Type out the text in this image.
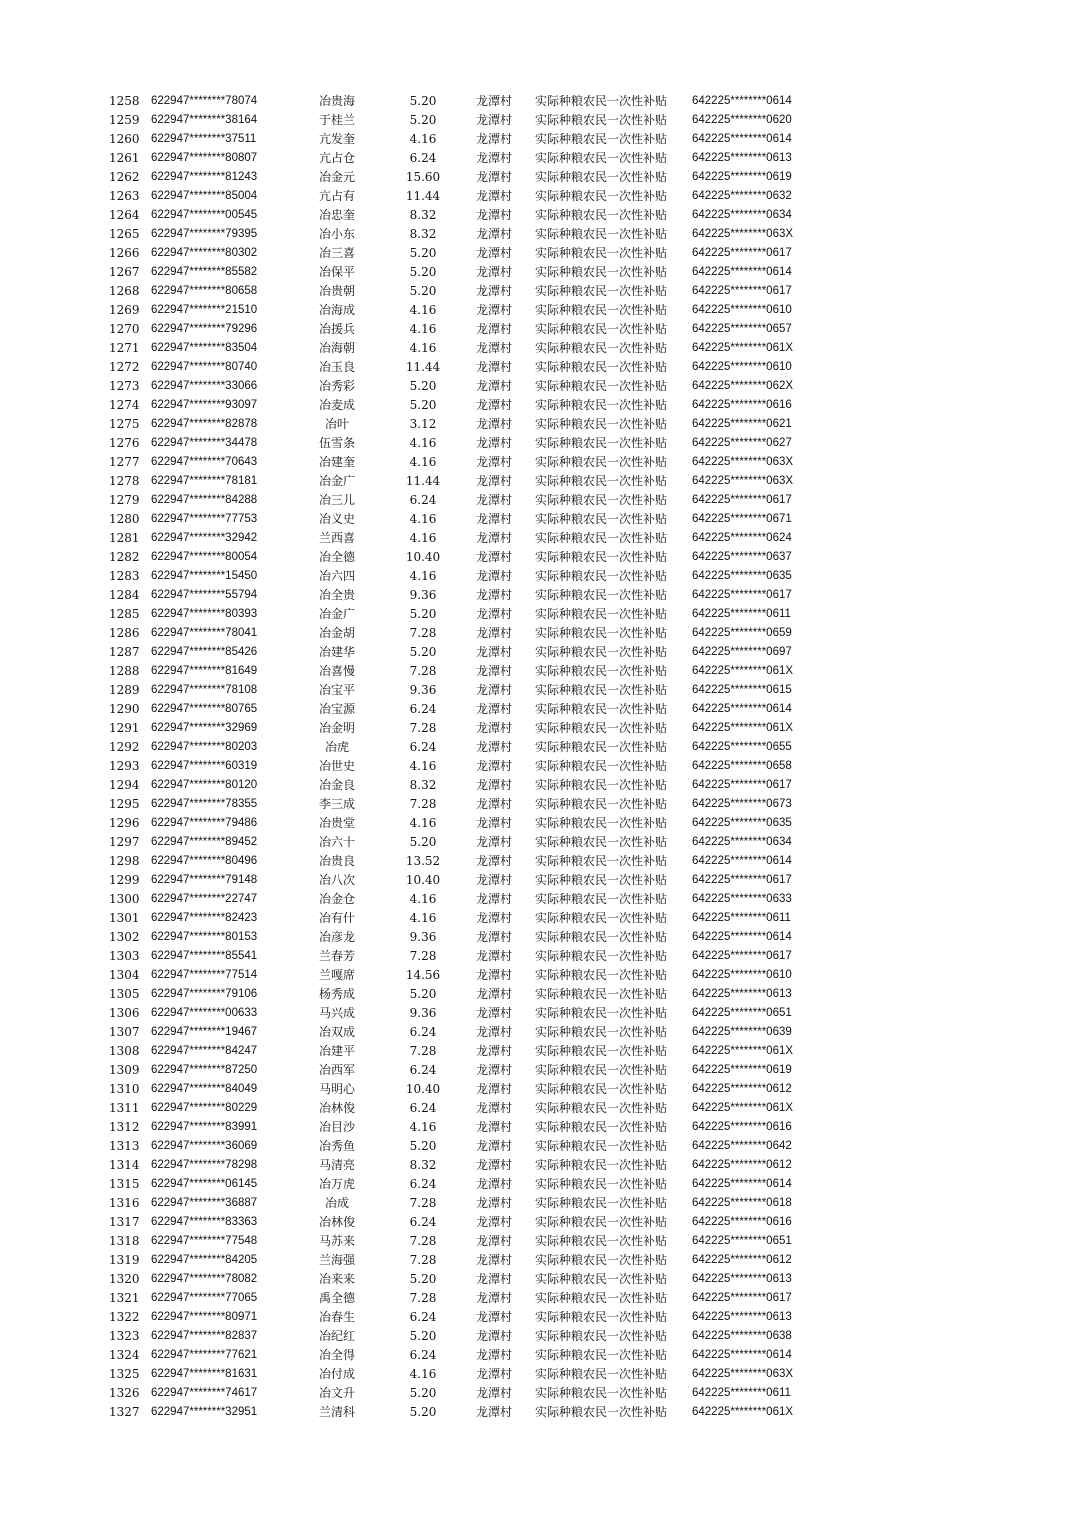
1258 622947********78074	冶贵海	5.20	龙潭村	实际种粮农民一次性补贴	642225********0614
1259 622947********38164	于桂兰	5.20	龙潭村	实际种粮农民一次性补贴	642225********0620
1260 622947********37511	亢发奎	4.16	龙潭村	实际种粮农民一次性补贴	642225********0614
1261 622947********80807	亢占仓	6.24	龙潭村	实际种粮农民一次性补贴	642225********0613
1262 622947********81243	冶金元	15.60	龙潭村	实际种粮农民一次性补贴	642225********0619
1263 622947********85004	亢占有	11.44	龙潭村	实际种粮农民一次性补贴	642225********0632
1264 622947********00545	冶忠奎	8.32	龙潭村	实际种粮农民一次性补贴	642225********0634
1265 622947********79395	冶小东	8.32	龙潭村	实际种粮农民一次性补贴	642225********063X
1266 622947********80302	冶三喜	5.20	龙潭村	实际种粮农民一次性补贴	642225********0617
1267 622947********85582	冶保平	5.20	龙潭村	实际种粮农民一次性补贴	642225********0614
1268 622947********80658	冶贵朝	5.20	龙潭村	实际种粮农民一次性补贴	642225********0617
1269 622947********21510	冶海成	4.16	龙潭村	实际种粮农民一次性补贴	642225********0610
1270 622947********79296	冶援兵	4.16	龙潭村	实际种粮农民一次性补贴	642225********0657
1271 622947********83504	冶海朝	4.16	龙潭村	实际种粮农民一次性补贴	642225********061X
1272 622947********80740	冶玉良	11.44	龙潭村	实际种粮农民一次性补贴	642225********0610
1273 622947********33066	冶秀彩	5.20	龙潭村	实际种粮农民一次性补贴	642225********062X
1274 622947********93097	冶麦成	5.20	龙潭村	实际种粮农民一次性补贴	642225********0616
1275 622947********82878	冶叶	3.12	龙潭村	实际种粮农民一次性补贴	642225********0621
1276 622947********34478	伍雪条	4.16	龙潭村	实际种粮农民一次性补贴	642225********0627
1277 622947********70643	冶建奎	4.16	龙潭村	实际种粮农民一次性补贴	642225********063X
1278 622947********78181	冶金广	11.44	龙潭村	实际种粮农民一次性补贴	642225********063X
1279 622947********84288	冶三儿	6.24	龙潭村	实际种粮农民一次性补贴	642225********0617
1280 622947********77753	冶义史	4.16	龙潭村	实际种粮农民一次性补贴	642225********0671
1281 622947********32942	兰西喜	4.16	龙潭村	实际种粮农民一次性补贴	642225********0624
1282 622947********80054	冶全德	10.40	龙潭村	实际种粮农民一次性补贴	642225********0637
1283 622947********15450	冶六四	4.16	龙潭村	实际种粮农民一次性补贴	642225********0635
1284 622947********55794	冶全贵	9.36	龙潭村	实际种粮农民一次性补贴	642225********0617
1285 622947********80393	冶金广	5.20	龙潭村	实际种粮农民一次性补贴	642225********0611
1286 622947********78041	冶金胡	7.28	龙潭村	实际种粮农民一次性补贴	642225********0659
1287 622947********85426	冶建华	5.20	龙潭村	实际种粮农民一次性补贴	642225********0697
1288 622947********81649	冶喜慢	7.28	龙潭村	实际种粮农民一次性补贴	642225********061X
1289 622947********78108	冶宝平	9.36	龙潭村	实际种粮农民一次性补贴	642225********0615
1290 622947********80765	冶宝源	6.24	龙潭村	实际种粮农民一次性补贴	642225********0614
1291 622947********32969	冶金明	7.28	龙潭村	实际种粮农民一次性补贴	642225********061X
1292 622947********80203	冶虎	6.24	龙潭村	实际种粮农民一次性补贴	642225********0655
1293 622947********60319	冶世史	4.16	龙潭村	实际种粮农民一次性补贴	642225********0658
1294 622947********80120	冶金良	8.32	龙潭村	实际种粮农民一次性补贴	642225********0617
1295 622947********78355	李三成	7.28	龙潭村	实际种粮农民一次性补贴	642225********0673
1296 622947********79486	冶贵堂	4.16	龙潭村	实际种粮农民一次性补贴	642225********0635
1297 622947********89452	冶六十	5.20	龙潭村	实际种粮农民一次性补贴	642225********0634
1298 622947********80496	冶贵良	13.52	龙潭村	实际种粮农民一次性补贴	642225********0614
1299 622947********79148	冶八次	10.40	龙潭村	实际种粮农民一次性补贴	642225********0617
1300 622947********22747	冶金仓	4.16	龙潭村	实际种粮农民一次性补贴	642225********0633
1301 622947********82423	冶有什	4.16	龙潭村	实际种粮农民一次性补贴	642225********0611
1302 622947********80153	冶彦龙	9.36	龙潭村	实际种粮农民一次性补贴	642225********0614
1303 622947********85541	兰春芳	7.28	龙潭村	实际种粮农民一次性补贴	642225********0617
1304 622947********77514	兰嘎席	14.56	龙潭村	实际种粮农民一次性补贴	642225********0610
1305 622947********79106	杨秀成	5.20	龙潭村	实际种粮农民一次性补贴	642225********0613
1306 622947********00633	马兴成	9.36	龙潭村	实际种粮农民一次性补贴	642225********0651
1307 622947********19467	冶双成	6.24	龙潭村	实际种粮农民一次性补贴	642225********0639
1308 622947********84247	冶建平	7.28	龙潭村	实际种粮农民一次性补贴	642225********061X
1309 622947********87250	冶西军	6.24	龙潭村	实际种粮农民一次性补贴	642225********0619
1310 622947********84049	马明心	10.40	龙潭村	实际种粮农民一次性补贴	642225********0612
1311 622947********80229	冶林俊	6.24	龙潭村	实际种粮农民一次性补贴	642225********061X
1312 622947********83991	冶目沙	4.16	龙潭村	实际种粮农民一次性补贴	642225********0616
1313 622947********36069	冶秀鱼	5.20	龙潭村	实际种粮农民一次性补贴	642225********0642
1314 622947********78298	马清亮	8.32	龙潭村	实际种粮农民一次性补贴	642225********0612
1315 622947********06145	冶万虎	6.24	龙潭村	实际种粮农民一次性补贴	642225********0614
1316 622947********36887	冶成	7.28	龙潭村	实际种粮农民一次性补贴	642225********0618
1317 622947********83363	冶林俊	6.24	龙潭村	实际种粮农民一次性补贴	642225********0616
1318 622947********77548	马苏来	7.28	龙潭村	实际种粮农民一次性补贴	642225********0651
1319 622947********84205	兰海强	7.28	龙潭村	实际种粮农民一次性补贴	642225********0612
1320 622947********78082	冶来来	5.20	龙潭村	实际种粮农民一次性补贴	642225********0613
1321 622947********77065	禹全德	7.28	龙潭村	实际种粮农民一次性补贴	642225********0617
1322 622947********80971	冶春生	6.24	龙潭村	实际种粮农民一次性补贴	642225********0613
1323 622947********82837	冶纪红	5.20	龙潭村	实际种粮农民一次性补贴	642225********0638
1324 622947********77621	冶全得	6.24	龙潭村	实际种粮农民一次性补贴	642225********0614
1325 622947********81631	冶付成	4.16	龙潭村	实际种粮农民一次性补贴	642225********063X
1326 622947********74617	冶文升	5.20	龙潭村	实际种粮农民一次性补贴	642225********0611
1327 622947********32951	兰清科	5.20	龙潭村	实际种粮农民一次性补贴	642225********061X
